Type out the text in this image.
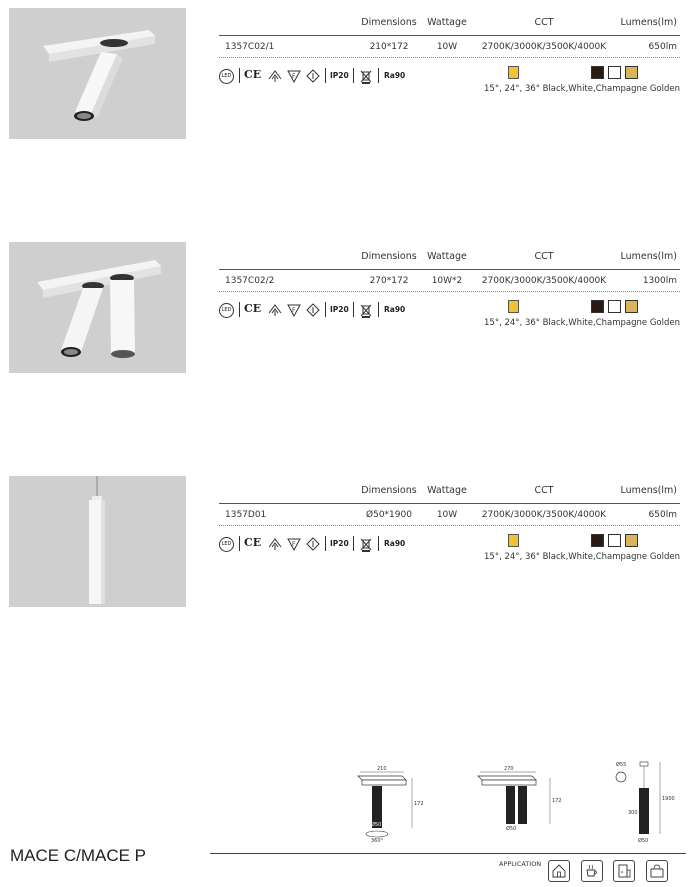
Dimensions	Wattage	CCT	Lumens(lm)
1357C02/1	210*172	10W	2700K/3000K/3500K/4000K	650lm
LED CE	F	IP20	Ra90
15°, 24°, 36° Black,White,Champagne Golden
Dimensions	Wattage	CCT	Lumens(lm)
1357C02/2	270*172	10W*2	2700K/3000K/3500K/4000K	1300lm
LED CE	F	IP20	Ra90
15°, 24°, 36° Black,White,Champagne Golden
Dimensions	Wattage	CCT	Lumens(lm)
1357D01	Ø50*1900	10W	2700K/3000K/3500K/4000K	650lm
LED CE	F	IP20	Ra90
15°, 24°, 36° Black,White,Champagne Golden
210
Ø50
360°
172
270
Ø50
172
Ø55
300
1900
Ø50
MACE C/MACE P	APPLICATION
